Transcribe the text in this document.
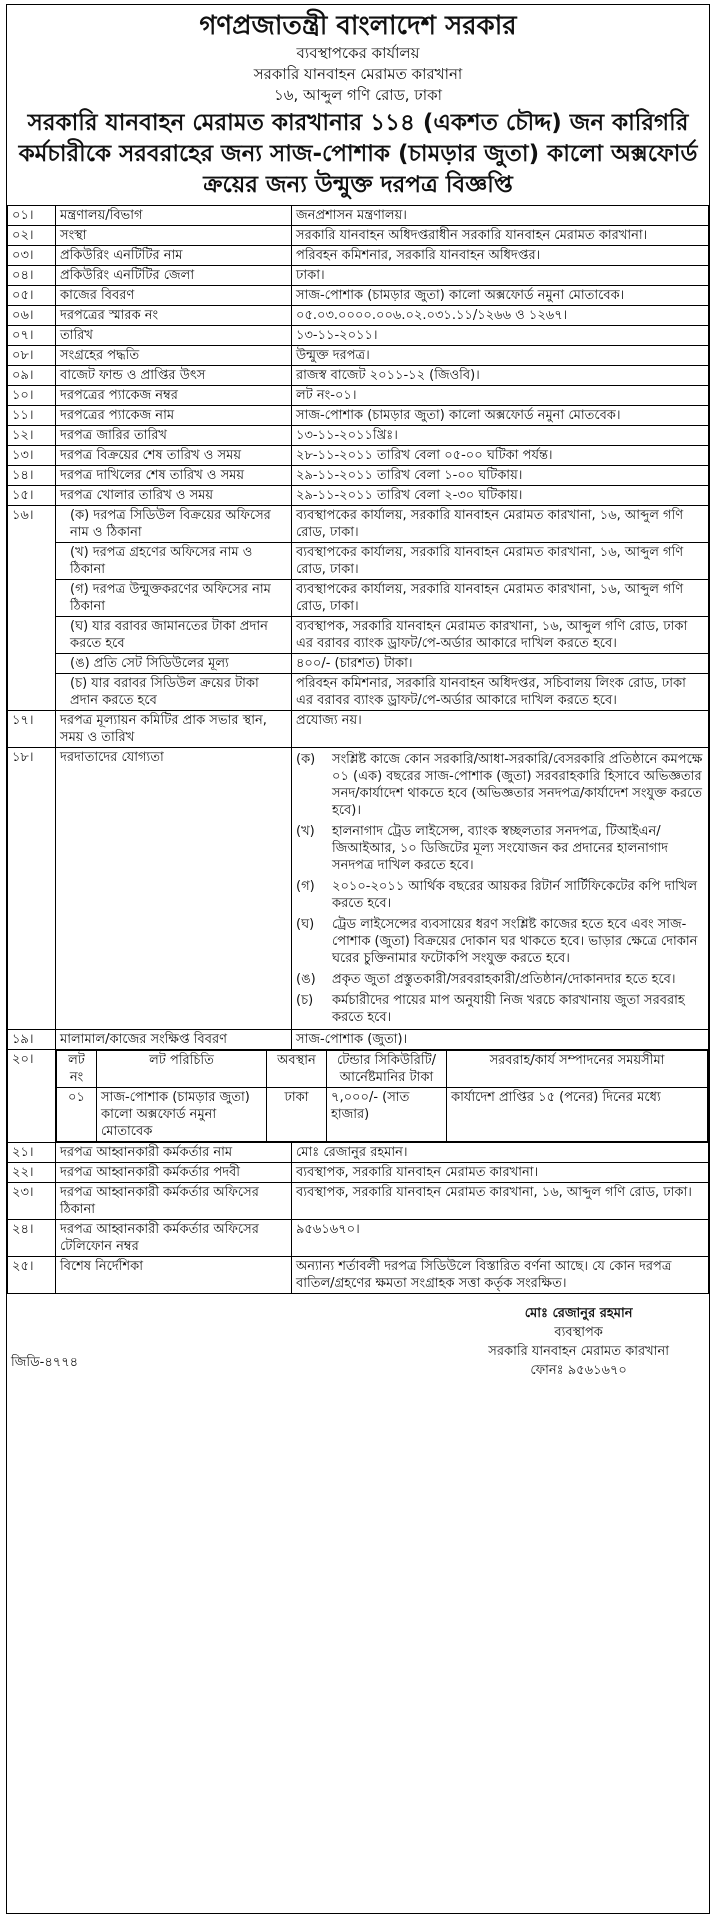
গণপ্রজাতন্ত্রী বাংলাদেশ সরকার
ব্যবস্থাপকের কার্যালয়
সরকারি যানবাহন মেরামত কারখানা
১৬, আব্দুল গণি রোড, ঢাকা
সরকারি যানবাহন মেরামত কারখানার ১১৪ (একশত চৌদ্দ) জন কারিগরি কর্মচারীকে সরবরাহের জন্য সাজ-পোশাক (চামড়ার জুতা) কালো অক্সফোর্ড ক্রয়ের জন্য উন্মুক্ত দরপত্র বিজ্ঞপ্তি
০১।	মন্ত্রণালয়/বিভাগ	জনপ্রশাসন মন্ত্রণালয়।
০২।	সংস্থা	সরকারি যানবাহন অধিদপ্তরাধীন সরকারি যানবাহন মেরামত কারখানা।
০৩।	প্রকিউরিং এনটিটির নাম	পরিবহন কমিশনার, সরকারি যানবাহন অধিদপ্তর।
০৪।	প্রকিউরিং এনটিটির জেলা	ঢাকা।
০৫।	কাজের বিবরণ	সাজ-পোশাক (চামড়ার জুতা) কালো অক্সফোর্ড নমুনা মোতাবেক।
০৬।	দরপত্রের স্মারক নং	০৫.০৩.০০০০.০০৬.০২.০৩১.১১/১২৬৬ ও ১২৬৭।
০৭।	তারিখ	১৩-১১-২০১১।
০৮।	সংগ্রহের পদ্ধতি	উন্মুক্ত দরপত্র।
০৯।	বাজেট ফান্ড ও প্রাপ্তির উৎস	রাজস্ব বাজেট ২০১১-১২ (জিওবি)।
১০।	দরপত্রের প্যাকেজ নম্বর	লট নং-০১।
১১।	দরপত্রের প্যাকেজ নাম	সাজ-পোশাক (চামড়ার জুতা) কালো অক্সফোর্ড নমুনা মোতবেক।
১২।	দরপত্র জারির তারিখ	১৩-১১-২০১১খ্রিঃ।
১৩।	দরপত্র বিক্রয়ের শেষ তারিখ ও সময়	২৮-১১-২০১১ তারিখ বেলা ০৫-০০ ঘটিকা পর্যন্ত।
১৪।	দরপত্র দাখিলের শেষ তারিখ ও সময়	২৯-১১-২০১১ তারিখ বেলা ১-০০ ঘটিকায়।
১৫।	দরপত্র খোলার তারিখ ও সময়	২৯-১১-২০১১ তারিখ বেলা ২-৩০ ঘটিকায়।
১৬।	(ক) দরপত্র সিডিউল বিক্রয়ের অফিসের নাম ও ঠিকানা	ব্যবস্থাপকের কার্যালয়, সরকারি যানবাহন মেরামত কারখানা, ১৬, আব্দুল গণি রোড, ঢাকা।
(খ) দরপত্র গ্রহণের অফিসের নাম ও ঠিকানা	ব্যবস্থাপকের কার্যালয়, সরকারি যানবাহন মেরামত কারখানা, ১৬, আব্দুল গণি রোড, ঢাকা।
(গ) দরপত্র উন্মুক্তকরণের অফিসের নাম ঠিকানা	ব্যবস্থাপকের কার্যালয়, সরকারি যানবাহন মেরামত কারখানা, ১৬, আব্দুল গণি রোড, ঢাকা।
(ঘ) যার বরাবর জামানতের টাকা প্রদান করতে হবে	ব্যবস্থাপক, সরকারি যানবাহন মেরামত কারখানা, ১৬, আব্দুল গণি রোড, ঢাকা এর বরাবর ব্যাংক ড্রাফট/পে-অর্ডার আকারে দাখিল করতে হবে।
(ঙ) প্রতি সেট সিডিউলের মূল্য	৪০০/- (চারশত) টাকা।
(চ) যার বরাবর সিডিউল ক্রয়ের টাকা প্রদান করতে হবে	পরিবহন কমিশনার, সরকারি যানবাহন অধিদপ্তর, সচিবালয় লিংক রোড, ঢাকা এর বরাবর ব্যাংক ড্রাফট/পে-অর্ডার আকারে দাখিল করতে হবে।
১৭।	দরপত্র মূল্যায়ন কমিটির প্রাক সভার স্থান, সময় ও তারিখ	প্রযোজ্য নয়।
১৮।	দরদাতাদের যোগ্যতা	(ক)	সংশ্লিষ্ট কাজে কোন সরকারি/আধা-সরকারি/বেসরকারি প্রতিষ্ঠানে কমপক্ষে ০১ (এক) বছরের সাজ-পোশাক (জুতা) সরবরাহকারি হিসাবে অভিজ্ঞতার সনদ/কার্যাদেশ থাকতে হবে (অভিজ্ঞতার সনদপত্র/কার্যাদেশ সংযুক্ত করতে হবে)।
(খ)	হালনাগাদ ট্রেড লাইসেন্স, ব্যাংক স্বচ্ছলতার সনদপত্র, টিআইএন/জিআইআর, ১০ ডিজিটের মূল্য সংযোজন কর প্রদানের হালনাগাদ সনদপত্র দাখিল করতে হবে।
(গ)	২০১০-২০১১ আর্থিক বছরের আয়কর রিটার্ন সার্টিফিকেটের কপি দাখিল করতে হবে।
(ঘ)	ট্রেড লাইসেন্সের ব্যবসায়ের ধরণ সংশ্লিষ্ট কাজের হতে হবে এবং সাজ-পোশাক (জুতা) বিক্রয়ের দোকান ঘর থাকতে হবে। ভাড়ার ক্ষেত্রে দোকান ঘরের চুক্তিনামার ফটোকপি সংযুক্ত করতে হবে।
(ঙ)	প্রকৃত জুতা প্রস্তুতকারী/সরবরাহকারী/প্রতিষ্ঠান/দোকানদার হতে হবে।
(চ)	কর্মচারীদের পায়ের মাপ অনুযায়ী নিজ খরচে কারখানায় জুতা সরবরাহ করতে হবে।

১৯।	মালামাল/কাজের সংক্ষিপ্ত বিবরণ	সাজ-পোশাক (জুতা)।
২০।		লট নং	লট পরিচিতি	অবস্থান	টেন্ডার সিকিউরিটি/ আর্নেষ্টমানির টাকা	সরবরাহ/কার্য সম্পাদনের সময়সীমা
০১	সাজ-পোশাক (চামড়ার জুতা) কালো অক্সফোর্ড নমুনা মোতাবেক	ঢাকা	৭,০০০/- (সাত হাজার)	কার্যাদেশ প্রাপ্তির ১৫ (পনের) দিনের মধ্যে

২১।	দরপত্র আহ্বানকারী কর্মকর্তার নাম	মোঃ রেজানুর রহমান।
২২।	দরপত্র আহ্বানকারী কর্মকর্তার পদবী	ব্যবস্থাপক, সরকারি যানবাহন মেরামত কারখানা।
২৩।	দরপত্র আহ্বানকারী কর্মকর্তার অফিসের ঠিকানা	ব্যবস্থাপক, সরকারি যানবাহন মেরামত কারখানা, ১৬, আব্দুল গণি রোড, ঢাকা।
২৪।	দরপত্র আহ্বানকারী কর্মকর্তার অফিসের টেলিফোন নম্বর	৯৫৬১৬৭০।
২৫।	বিশেষ নির্দেশিকা	অন্যান্য শর্তাবলী দরপত্র সিডিউলে বিস্তারিত বর্ণনা আছে। যে কোন দরপত্র বাতিল/গ্রহণের ক্ষমতা সংগ্রাহক সত্তা কর্তৃক সংরক্ষিত।
মোঃ রেজানুর রহমান
ব্যবস্থাপক
সরকারি যানবাহন মেরামত কারখানা
ফোনঃ ৯৫৬১৬৭০
জিডি-৪৭৭৪
